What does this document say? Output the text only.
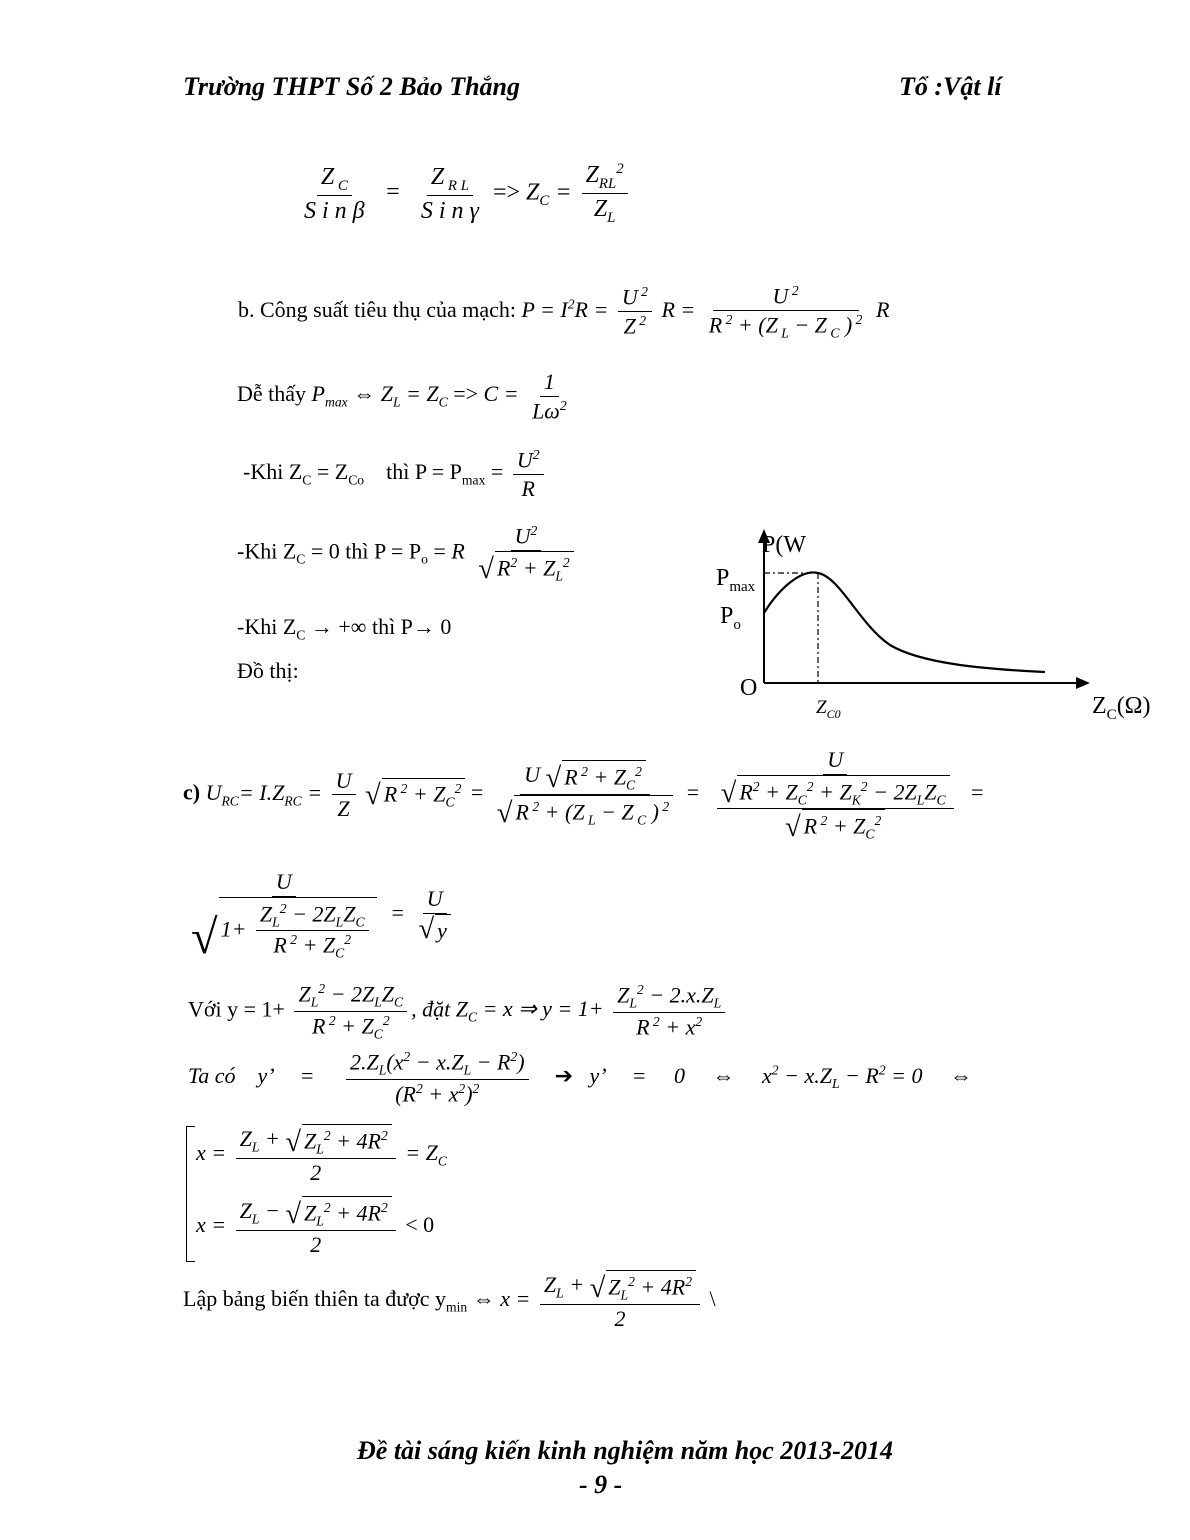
Trường THPT Số 2 Bảo Thắng	Tổ :Vật lí
$\frac{Z _C}{\text{S i n β}} = \frac{Z _{R L}}{\text{S i n γ}} => Z_C = \frac{Z_{RL}^2}{Z_L}$
b. Công suất tiêu thụ của mạch: $P = I^2R = \frac{U ^2}{Z ^2}$ $R = \frac{U ^2}{R ^2 + (Z _L - Z _C ) ^2}$ R
Dễ thấy $P_{max}$ ⇔ $Z_L = Z_C => C = \frac{1}{L\omega^2}$
-Khi $Z_C = Z_{Co}$ thì $P = P_{max} = \frac{U^2}{R}$
-Khi $Z_C = 0$ thì $P = P_o = R \frac{U^2}{√ R^2 + Z_L^2}$
-Khi $Z_C$ → +∞ thì P→ 0
Đồ thị:
P(W
$P_{max}$
$P_o$
O
$Z_{C0}$	$Z_C(\Omega)$
c) $U_{RC}= I.Z_{RC} = \frac{U}{Z}$
√ R $^2 + Z_C^2 = \frac{U √ R ^2 + Z_C^2}{√ R ^2 + (Z _L - Z _C ) ^2} = \frac{U}{\frac{√ R^2 + Z_C^2 + Z_K^2 - 2Z_LZ_C}{√ R ^2 + Z_C^2}}$ =
$\frac{U}{√ 1+ \frac{Z_L^2 - 2Z_LZ_C}{R ^2 + Z_C^2}} = \frac{U}{√ y}$
Với $y = 1+ \frac{Z_L^2 - 2Z_LZ_C}{R ^2 + Z_C^2}$ , đặt $Z_C = x$ ⇒ $y = 1+ \frac{Z_L^2 - 2.x.Z_L}{R ^2 + x^2}$
Ta có    y’     = $\frac{2.Z_L(x^2 - x.Z_L - R^2)}{(R^2 + x^2)^2}$ ➔   y’     =     0     ⇔     $x^2 - x.Z_L - R^2 = 0$     ⇔
$x = \frac{Z_L + √ Z_L^2 + 4R^2}{2} = Z_C$
$x = \frac{Z_L - √ Z_L^2 + 4R^2}{2} < 0$
Lập bảng biến thiên ta được $y_{min}$ ⇔ $x = \frac{Z_L + √ Z_L^2 + 4R^2}{2}$ \
Đề tài sáng kiến kinh nghiệm năm học 2013-2014
- 9 -
